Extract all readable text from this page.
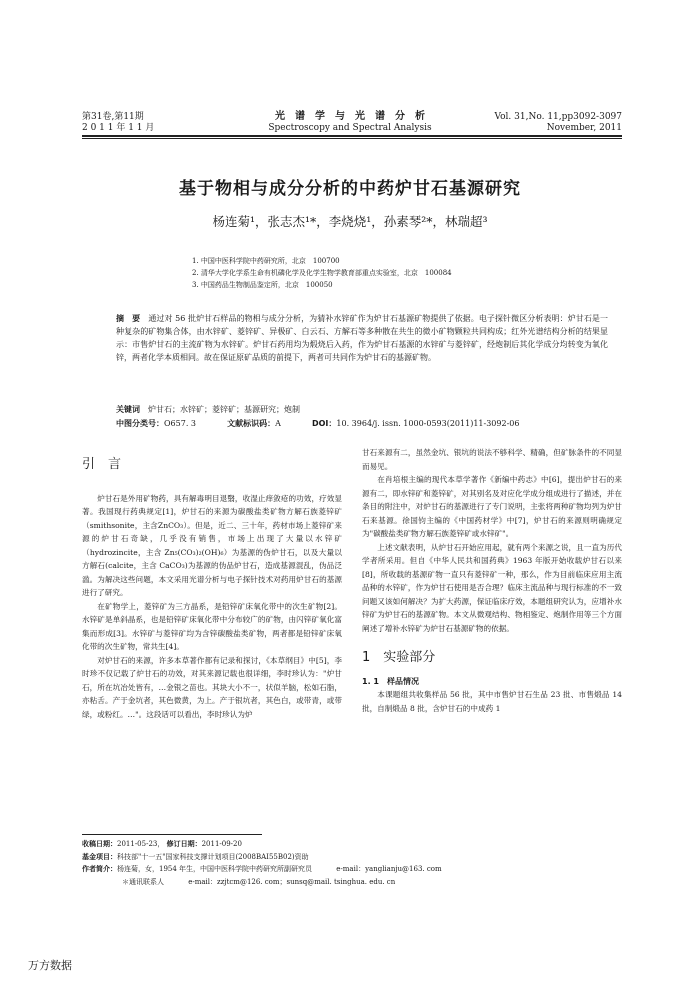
第31卷,第11期
2 0 1 1 年 1 1 月
光　谱　学　与　光　谱　分　析
Spectroscopy and Spectral Analysis
Vol. 31,No. 11,pp3092-3097
November, 2011
基于物相与成分分析的中药炉甘石基源研究
杨连菊¹，张志杰¹*，李烧烧¹，孙素琴²*，林瑞超³
1. 中国中医科学院中药研究所，北京　100700
2. 清华大学化学系生命有机磷化学及化学生物学教育部重点实验室，北京　100084
3. 中国药品生物制品鉴定所，北京　100050
摘　要　通过对 56 批炉甘石样品的物相与成分分析，为猜补水锌矿作为炉甘石基源矿物提供了依据。电子探针微区分析表明：炉甘石是一种复杂的矿物集合体，由水锌矿、菱锌矿、异极矿、白云石、方解石等多种散在共生的微小矿物颗粒共同构成；红外光谱结构分析的结果显示：市售炉甘石的主流矿物为水锌矿。炉甘石药用均为煅烧后入药，作为炉甘石基源的水锌矿与菱锌矿，经炮制后其化学成分均转变为氧化锌，两者化学本质相同。故在保证原矿品质的前提下，两者可共同作为炉甘石的基源矿物。
关键词　炉甘石；水锌矿；菱锌矿；基源研究；炮制
中图分类号：O657. 3	文献标识码：A	DOI：10. 3964/j. issn. 1000-0593(2011)11-3092-06
引　言

炉甘石是外用矿物药，具有解毒明目退翳，收湿止痒敛疮的功效，疗效显著。我国现行药典规定[1]，炉甘石的来源为碳酸盐类矿物方解石族菱锌矿（smithsonite，主含ZnCO₃）。但是，近二、三十年，药材市场上菱锌矿来源的炉甘石奇缺，几乎没有销售，市场上出现了大量以水锌矿（hydrozincite，主含 Zn₅(CO₃)₂(OH)₆）为基源的伪炉甘石，以及大量以方解石(calcite，主含 CaCO₃)为基源的伪品炉甘石，造成基源混乱，伪品泛滥。为解决这些问题，本文采用光谱分析与电子探针技术对药用炉甘石的基源进行了研究。

在矿物学上，菱锌矿为三方晶系，是铅锌矿床氧化带中的次生矿物[2]。水锌矿是单斜晶系，也是铅锌矿床氧化带中分布较广的矿物，由闪锌矿氧化富集而形成[3]。水锌矿与菱锌矿均为含锌碳酸盐类矿物，两者都是铅锌矿床氧化带的次生矿物，常共生[4]。

对炉甘石的来源，许多本草著作都有记录和探讨，《本草纲目》中[5]，李时珍不仅记载了炉甘石的功效，对其来源记载也很详细，李时珍认为："炉甘石，所在坑冶处皆有，…金银之苗也。其块大小不一，状似羊脑，松如石脂，亦粘舌。产于金坑者，其色微黄，为上。产于银坑者，其色白，或带青，或带绿，或粉红。…"。这段话可以看出，李时珍认为炉

甘石来源有二，虽然金坑、银坑的说法不够科学、精确，但矿脉条件的不同显而易见。

在肖培根主编的现代本草学著作《新编中药志》中[6]，提出炉甘石的来源有二，即水锌矿和菱锌矿，对其别名及对应化学成分组成进行了描述，并在条目的附注中，对炉甘石的基源进行了专门说明，主张将两种矿物均列为炉甘石来基源。徐国钧主编的《中国药材学》中[7]，炉甘石的来源则明确规定为"碳酸盐类矿物方解石族菱锌矿或水锌矿"。

上述文献表明，从炉甘石开始应用起，就有两个来源之说，且一直为历代学者所采用。但自《中华人民共和国药典》1963 年版开始收载炉甘石以来[8]，所收载的基源矿物一直只有菱锌矿一种，那么，作为目前临床应用主流品种的水锌矿，作为炉甘石使用是否合理？临床主流品种与现行标准的不一致问题又该如何解决？为扩大药源，保证临床疗效，本题组研究认为，应增补水锌矿为炉甘石的基源矿物。本文从微观结构、物相鉴定、炮制作用等三个方面阐述了增补水锌矿为炉甘石基源矿物的依据。

1　实验部分
1. 1　样品情况

本课题组共收集样品 56 批，其中市售炉甘石生品 23 批、市售煅品 14 批，自制煅品 8 批，含炉甘石的中成药 1

收稿日期：2011-05-23， 修订日期：2011-09-20
基金项目：科技部"十一五"国家科技支撑计划项目(2008BAI55B02)资助
作者简介：杨连菊，女，1954 年生，中国中医科学院中药研究所副研究员	e-mail：yanglianju@163. com
＊通讯联系人	e-mail：zzjtcm@126. com；sunsq@mail. tsinghua. edu. cn
万方数据
